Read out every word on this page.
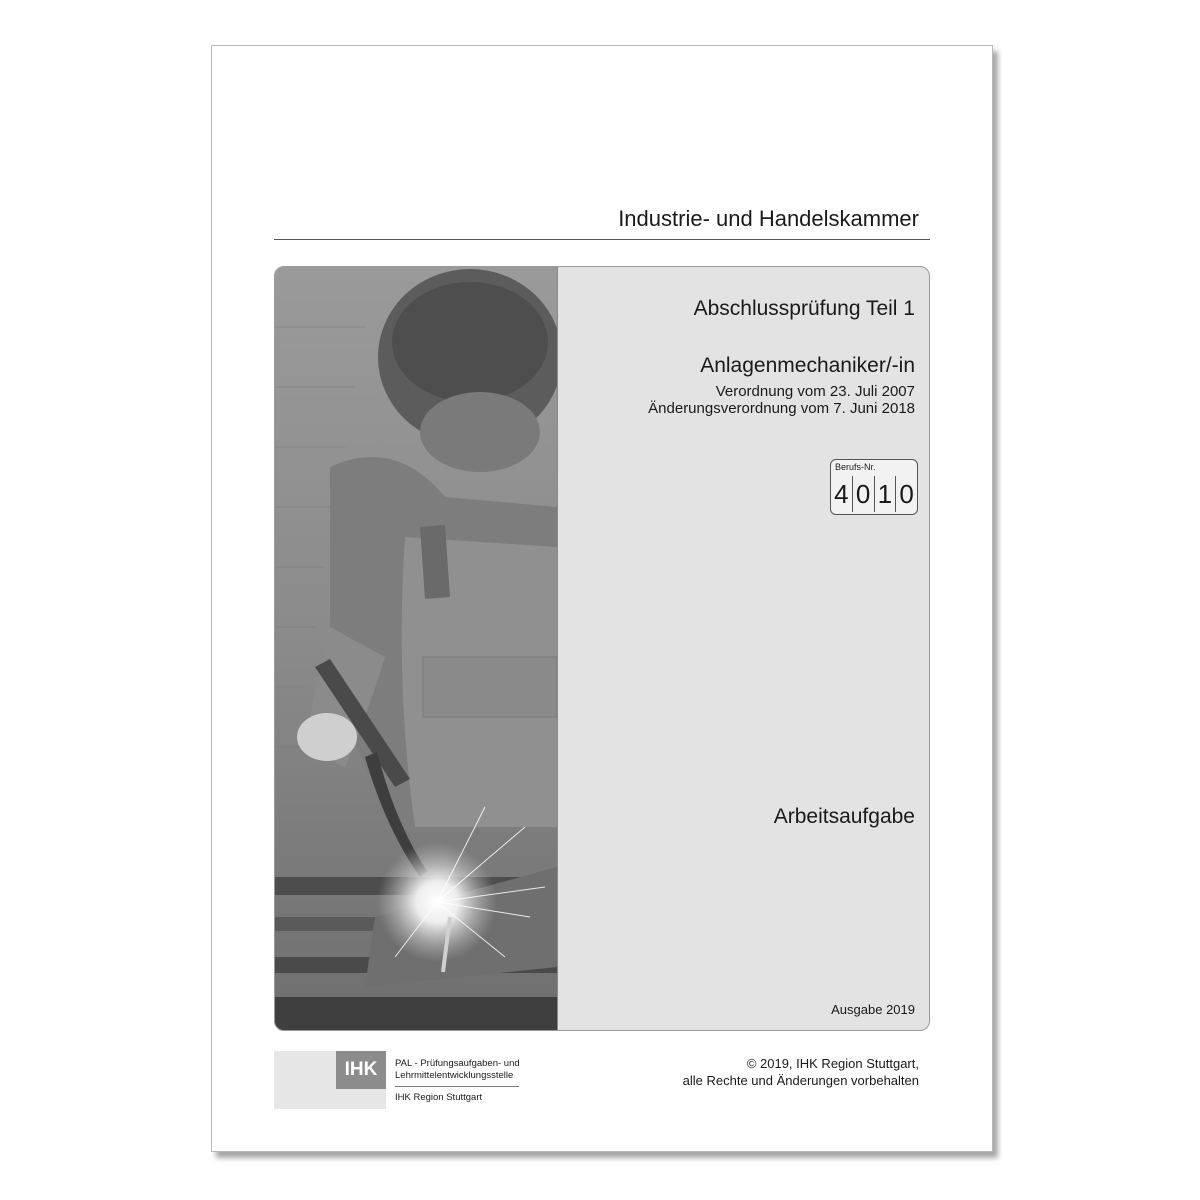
Industrie- und Handelskammer
Abschlussprüfung Teil 1
Anlagenmechaniker/-in
Verordnung vom 23. Juli 2007
Änderungsverordnung vom 7. Juni 2018
Berufs-Nr.
4 0 1 0
Arbeitsaufgabe
Ausgabe 2019
IHK	PAL - Prüfungsaufgaben- und
Lehrmittelentwicklungsstelle
IHK Region Stuttgart
© 2019, IHK Region Stuttgart,
alle Rechte und Änderungen vorbehalten
